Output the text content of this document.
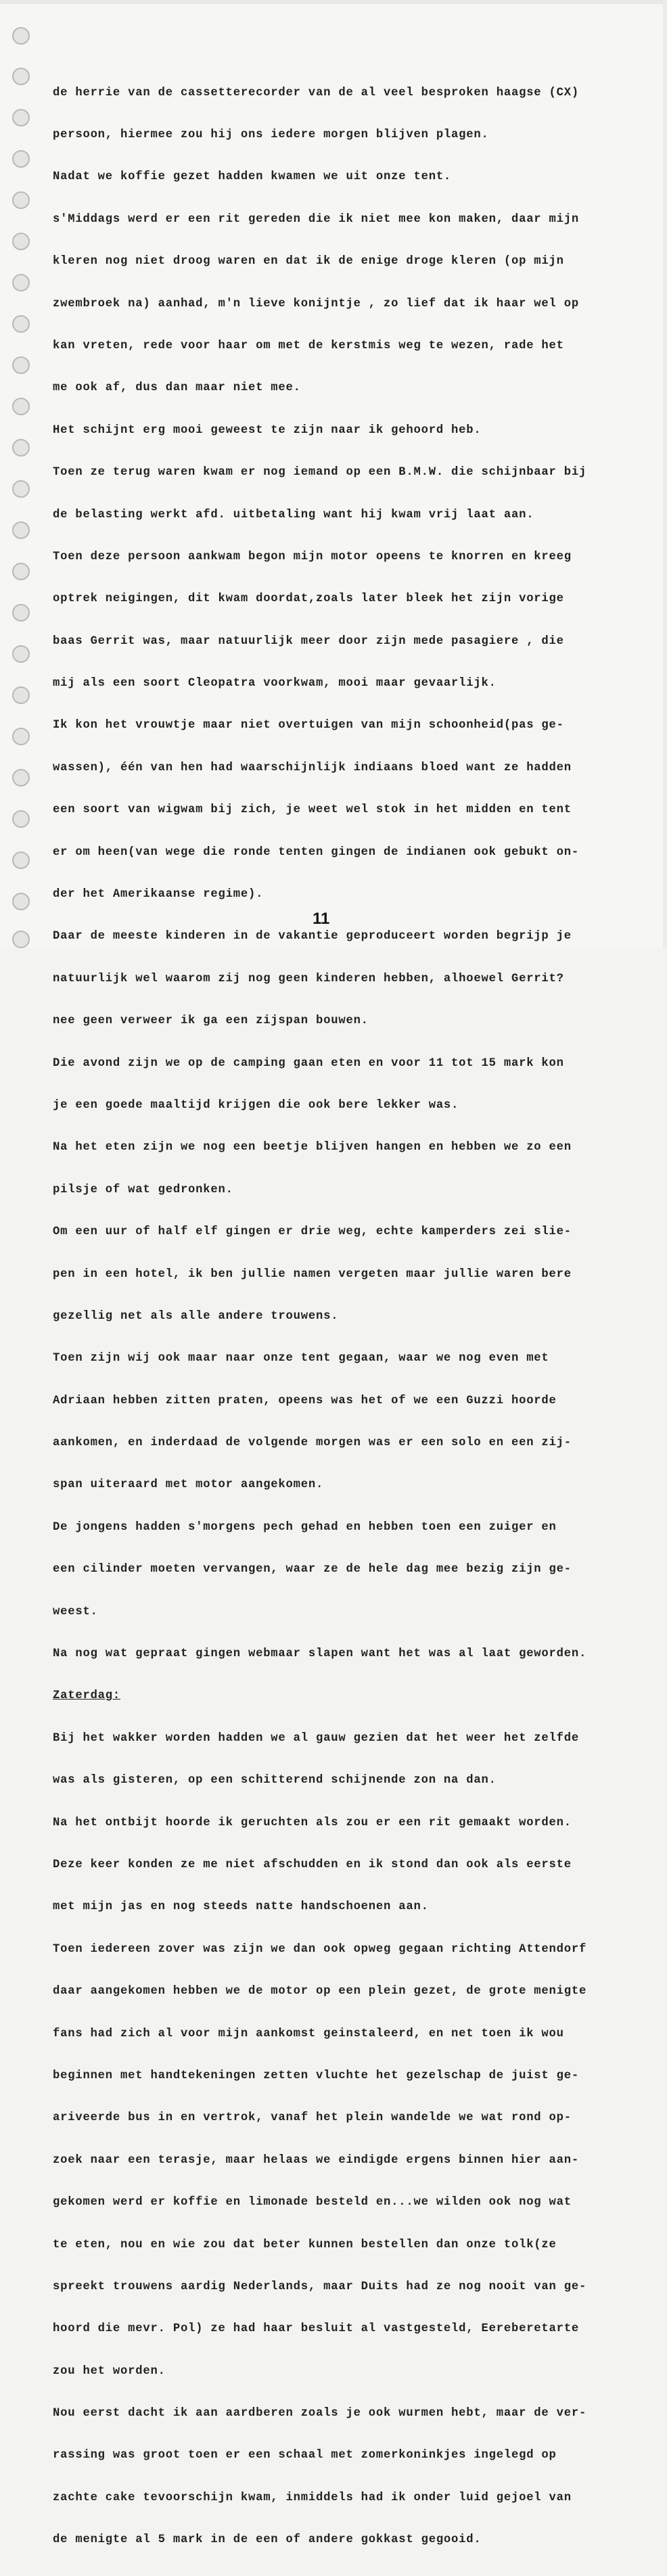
de herrie van de cassetterecorder van de al veel besproken haagse (CX)

persoon, hiermee zou hij ons iedere morgen blijven plagen.

Nadat we koffie gezet hadden kwamen we uit onze tent.

s'Middags werd er een rit gereden die ik niet mee kon maken, daar mijn

kleren nog niet droog waren en dat ik de enige droge kleren (op mijn

zwembroek na) aanhad, m'n lieve konijntje , zo lief dat ik haar wel op

kan vreten, rede voor haar om met de kerstmis weg te wezen, rade het

me ook af, dus dan maar niet mee.

Het schijnt erg mooi geweest te zijn naar ik gehoord heb.

Toen ze terug waren kwam er nog iemand op een B.M.W. die schijnbaar bij

de belasting werkt afd. uitbetaling want hij kwam vrij laat aan.

Toen deze persoon aankwam begon mijn motor opeens te knorren en kreeg

optrek neigingen, dit kwam doordat,zoals later bleek het zijn vorige

baas Gerrit was, maar natuurlijk meer door zijn mede pasagiere , die

mij als een soort Cleopatra voorkwam, mooi maar gevaarlijk.

Ik kon het vrouwtje maar niet overtuigen van mijn schoonheid(pas ge-

wassen), één van hen had waarschijnlijk indiaans bloed want ze hadden

een soort van wigwam bij zich, je weet wel stok in het midden en tent

er om heen(van wege die ronde tenten gingen de indianen ook gebukt on-

der het Amerikaanse regime).

Daar de meeste kinderen in de vakantie geproduceert worden begrijp je

natuurlijk wel waarom zij nog geen kinderen hebben, alhoewel Gerrit?

nee geen verweer ik ga een zijspan bouwen.

Die avond zijn we op de camping gaan eten en voor 11 tot 15 mark kon

je een goede maaltijd krijgen die ook bere lekker was.

Na het eten zijn we nog een beetje blijven hangen en hebben we zo een

pilsje of wat gedronken.

Om een uur of half elf gingen er drie weg, echte kamperders zei slie-

pen in een hotel, ik ben jullie namen vergeten maar jullie waren bere

gezellig net als alle andere trouwens.

Toen zijn wij ook maar naar onze tent gegaan, waar we nog even met

Adriaan hebben zitten praten, opeens was het of we een Guzzi hoorde

aankomen, en inderdaad de volgende morgen was er een solo en een zij-

span uiteraard met motor aangekomen.

De jongens hadden s'morgens pech gehad en hebben toen een zuiger en

een cilinder moeten vervangen, waar ze de hele dag mee bezig zijn ge-

weest.

Na nog wat gepraat gingen webmaar slapen want het was al laat geworden.

Zaterdag:

Bij het wakker worden hadden we al gauw gezien dat het weer het zelfde

was als gisteren, op een schitterend schijnende zon na dan.

Na het ontbijt hoorde ik geruchten als zou er een rit gemaakt worden.

Deze keer konden ze me niet afschudden en ik stond dan ook als eerste

met mijn jas en nog steeds natte handschoenen aan.

Toen iedereen zover was zijn we dan ook opweg gegaan richting Attendorf

daar aangekomen hebben we de motor op een plein gezet, de grote menigte

fans had zich al voor mijn aankomst geinstaleerd, en net toen ik wou

beginnen met handtekeningen zetten vluchte het gezelschap de juist ge-

ariveerde bus in en vertrok, vanaf het plein wandelde we wat rond op-

zoek naar een terasje, maar helaas we eindigde ergens binnen hier aan-

gekomen werd er koffie en limonade besteld en...we wilden ook nog wat

te eten, nou en wie zou dat beter kunnen bestellen dan onze tolk(ze

spreekt trouwens aardig Nederlands, maar Duits had ze nog nooit van ge-

hoord die mevr. Pol) ze had haar besluit al vastgesteld, Eereberetarte

zou het worden.

Nou eerst dacht ik aan aardberen zoals je ook wurmen hebt, maar de ver-

rassing was groot toen er een schaal met zomerkoninkjes ingelegd op

zachte cake tevoorschijn kwam, inmiddels had ik onder luid gejoel van

de menigte al 5 mark in de een of andere gokkast gegooid.

11
